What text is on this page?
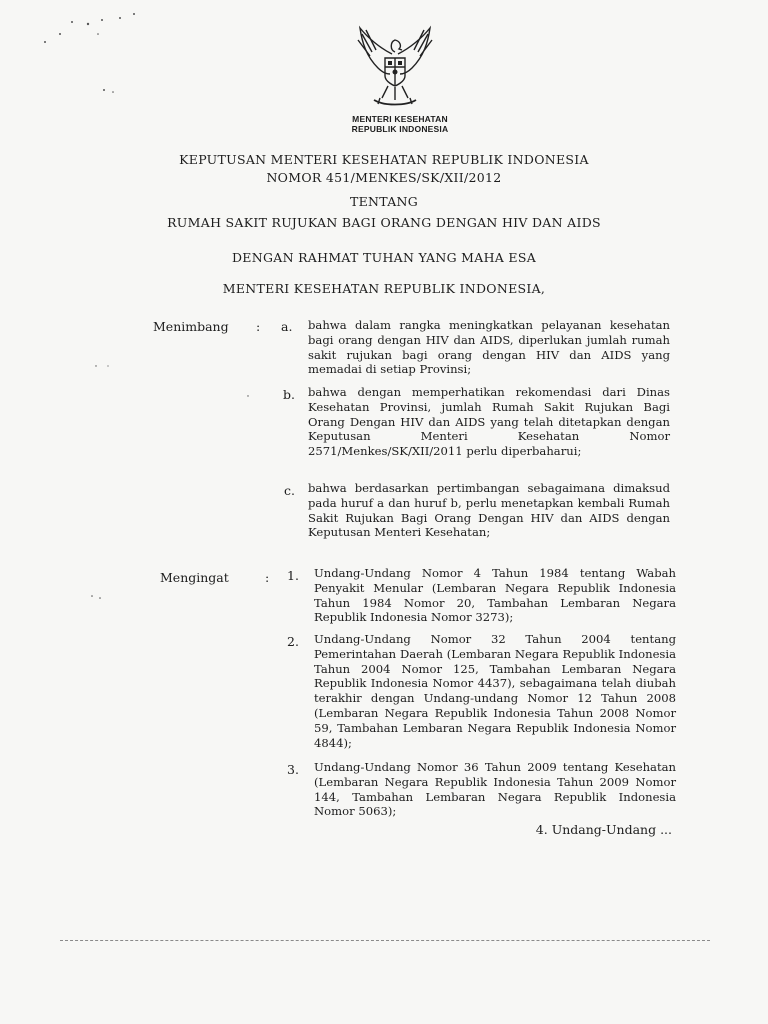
MENTERI KESEHATAN
REPUBLIK INDONESIA
KEPUTUSAN MENTERI KESEHATAN REPUBLIK INDONESIA
NOMOR 451/MENKES/SK/XII/2012
TENTANG
RUMAH SAKIT RUJUKAN BAGI ORANG DENGAN HIV DAN AIDS
DENGAN RAHMAT TUHAN YANG MAHA ESA
MENTERI KESEHATAN REPUBLIK INDONESIA,
Menimbang : a.	bahwa dalam rangka meningkatkan pelayanan kesehatan bagi orang dengan HIV dan AIDS, diperlukan jumlah rumah sakit rujukan bagi orang dengan HIV dan AIDS yang memadai di setiap Provinsi;
b.	bahwa dengan memperhatikan rekomendasi dari Dinas Kesehatan Provinsi, jumlah Rumah Sakit Rujukan Bagi Orang Dengan HIV dan AIDS yang telah ditetapkan dengan Keputusan Menteri Kesehatan Nomor 2571/Menkes/SK/XII/2011 perlu diperbaharui;
c.	bahwa berdasarkan pertimbangan sebagaimana dimaksud pada huruf a dan huruf b, perlu menetapkan kembali Rumah Sakit Rujukan Bagi Orang Dengan HIV dan AIDS dengan Keputusan Menteri Kesehatan;
Mengingat	: 1.	Undang-Undang Nomor 4 Tahun 1984 tentang Wabah Penyakit Menular (Lembaran Negara Republik Indonesia Tahun 1984 Nomor 20, Tambahan Lembaran Negara Republik Indonesia Nomor 3273);
2.	Undang-Undang Nomor 32 Tahun 2004 tentang Pemerintahan Daerah (Lembaran Negara Republik Indonesia Tahun 2004 Nomor 125, Tambahan Lembaran Negara Republik Indonesia Nomor 4437), sebagaimana telah diubah terakhir dengan Undang-undang Nomor 12 Tahun 2008 (Lembaran Negara Republik Indonesia Tahun 2008 Nomor 59, Tambahan Lembaran Negara Republik Indonesia Nomor 4844);
3.	Undang-Undang Nomor 36 Tahun 2009 tentang Kesehatan (Lembaran Negara Republik Indonesia Tahun 2009 Nomor 144, Tambahan Lembaran Negara Republik Indonesia Nomor 5063);
4. Undang-Undang ...
